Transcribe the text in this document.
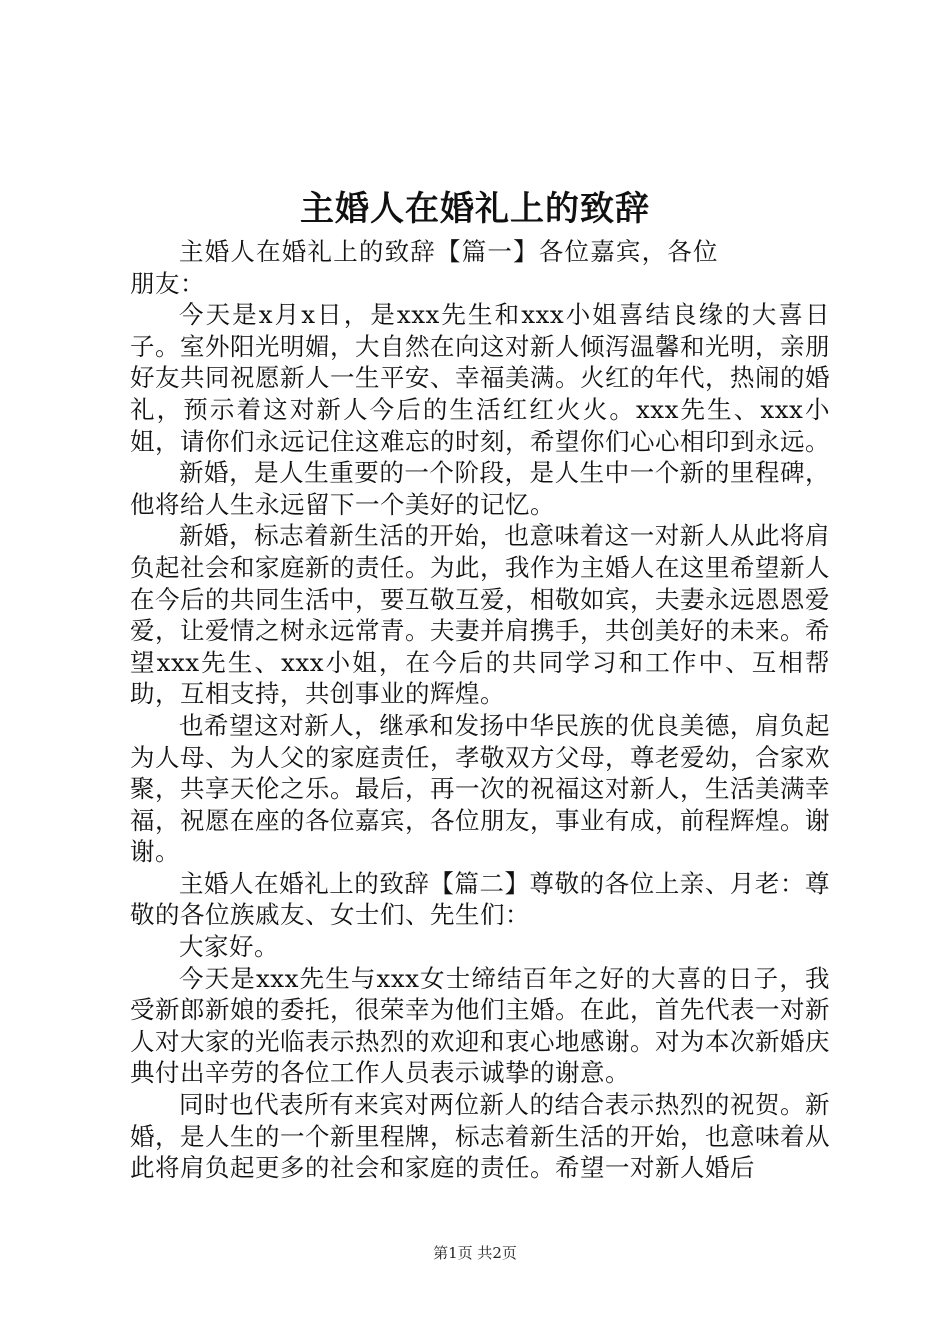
主婚人在婚礼上的致辞

主婚人在婚礼上的致辞【篇一】各位嘉宾，各位朋友：

今天是x月x日，是xxx先生和xxx小姐喜结良缘的大喜日子。室外阳光明媚，大自然在向这对新人倾泻温馨和光明，亲朋好友共同祝愿新人一生平安、幸福美满。火红的年代，热闹的婚礼，预示着这对新人今后的生活红红火火。xxx先生、xxx小姐，请你们永远记住这难忘的时刻，希望你们心心相印到永远。

新婚，是人生重要的一个阶段，是人生中一个新的里程碑，他将给人生永远留下一个美好的记忆。

新婚，标志着新生活的开始，也意味着这一对新人从此将肩负起社会和家庭新的责任。为此，我作为主婚人在这里希望新人在今后的共同生活中，要互敬互爱，相敬如宾，夫妻永远恩恩爱爱，让爱情之树永远常青。夫妻并肩携手，共创美好的未来。希望xxx先生、xxx小姐，在今后的共同学习和工作中、互相帮助，互相支持，共创事业的辉煌。

也希望这对新人，继承和发扬中华民族的优良美德，肩负起为人母、为人父的家庭责任，孝敬双方父母，尊老爱幼，合家欢聚，共享天伦之乐。最后，再一次的祝福这对新人，生活美满幸福，祝愿在座的各位嘉宾，各位朋友，事业有成，前程辉煌。谢谢。

主婚人在婚礼上的致辞【篇二】尊敬的各位上亲、月老：尊敬的各位族戚友、女士们、先生们：

大家好。

今天是xxx先生与xxx女士缔结百年之好的大喜的日子，我受新郎新娘的委托，很荣幸为他们主婚。在此，首先代表一对新人对大家的光临表示热烈的欢迎和衷心地感谢。对为本次新婚庆典付出辛劳的各位工作人员表示诚挚的谢意。

同时也代表所有来宾对两位新人的结合表示热烈的祝贺。新婚，是人生的一个新里程牌，标志着新生活的开始，也意味着从此将肩负起更多的社会和家庭的责任。希望一对新人婚后

第1页 共2页
